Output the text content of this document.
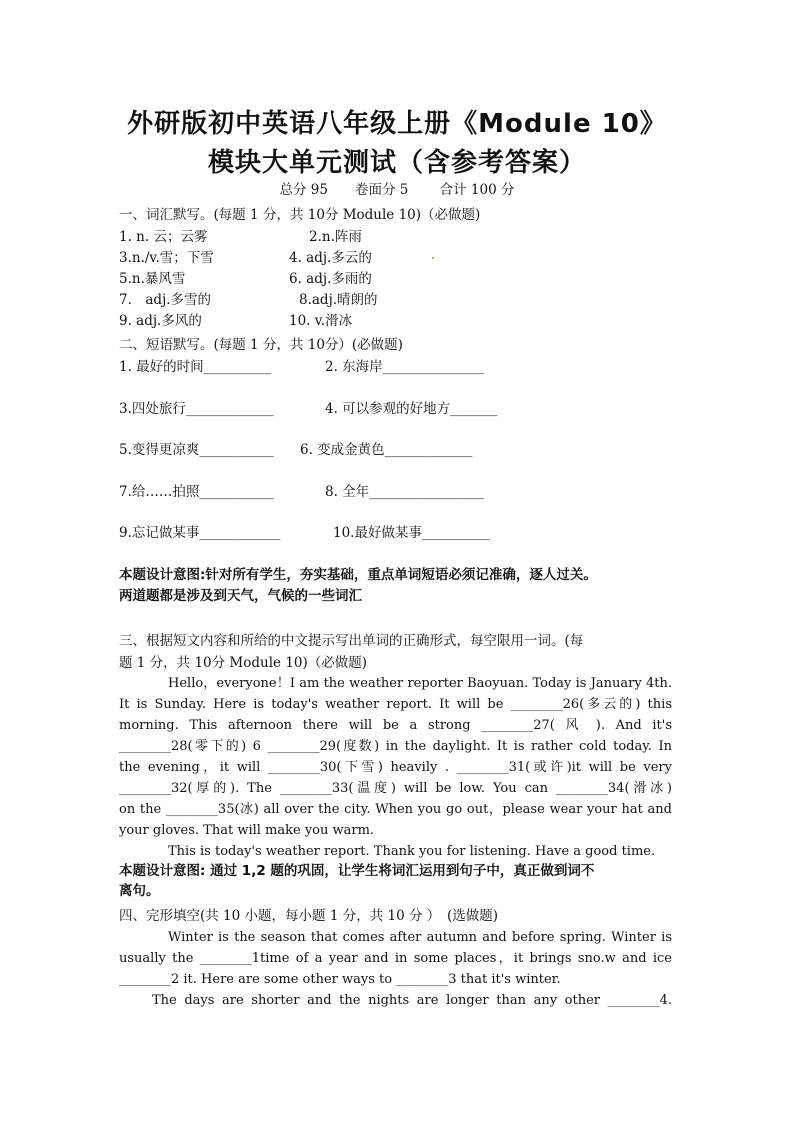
外研版初中英语八年级上册《Module 10》
模块大单元测试（含参考答案）
总分 95　　卷面分 5　　 合计 100 分
一、词汇默写。(每题 1 分，共 10分 Module 10)（必做题)
1. n. 云；云雾	2.n.阵雨
3.n./v.雪；下雪	4. adj.多云的
5.n.暴风雪	6. adj.多雨的
7.　adj.多雪的	8.adj.晴朗的
9. adj.多风的	10. v.滑冰
二、短语默写。(每题 1 分，共 10分）(必做题)
1. 最好的时间__________	2. 东海岸_______________
3.四处旅行_____________	4. 可以参观的好地方_______
5.变得更凉爽___________ 6. 变成金黄色_____________
7.给……拍照___________	8. 全年_________________
9.忘记做某事____________	10.最好做某事__________
本题设计意图:针对所有学生，夯实基础，重点单词短语必须记准确，逐人过关。
两道题都是涉及到天气，气候的一些词汇
三、根据短文内容和所给的中文提示写出单词的正确形式，每空限用一词。(每
题 1 分，共 10分 Module 10)（必做题)
Hello，everyone！I am the weather reporter Baoyuan. Today is January 4th.
It is Sunday. Here is today's weather report. It will be ________26(多云的) this
morning. This afternoon there will be a strong ________27( 风 ). And it's
________28(零下的) 6 ________29(度数) in the daylight. It is rather cold today. In
the evening，it will ________30(下雪) heavily . ________31(或许)it will be very
________32(厚的). The ________33(温度) will be low. You can ________34(滑冰)
on the ________35(冰) all over the city. When you go out，please wear your hat and
your gloves. That will make you warm.
This is today's weather report. Thank you for listening. Have a good time.
本题设计意图: 通过 1,2 题的巩固，让学生将词汇运用到句子中，真正做到词不
离句。
四、完形填空(共 10 小题，每小题 1 分，共 10 分 ）　(选做题)
Winter is the season that comes after autumn and before spring. Winter is
usually the ________1time of a year and in some places，it brings sno.w and ice
________2 it. Here are some other ways to ________3 that it's winter.
The days are shorter and the nights are longer than any other ________4.
